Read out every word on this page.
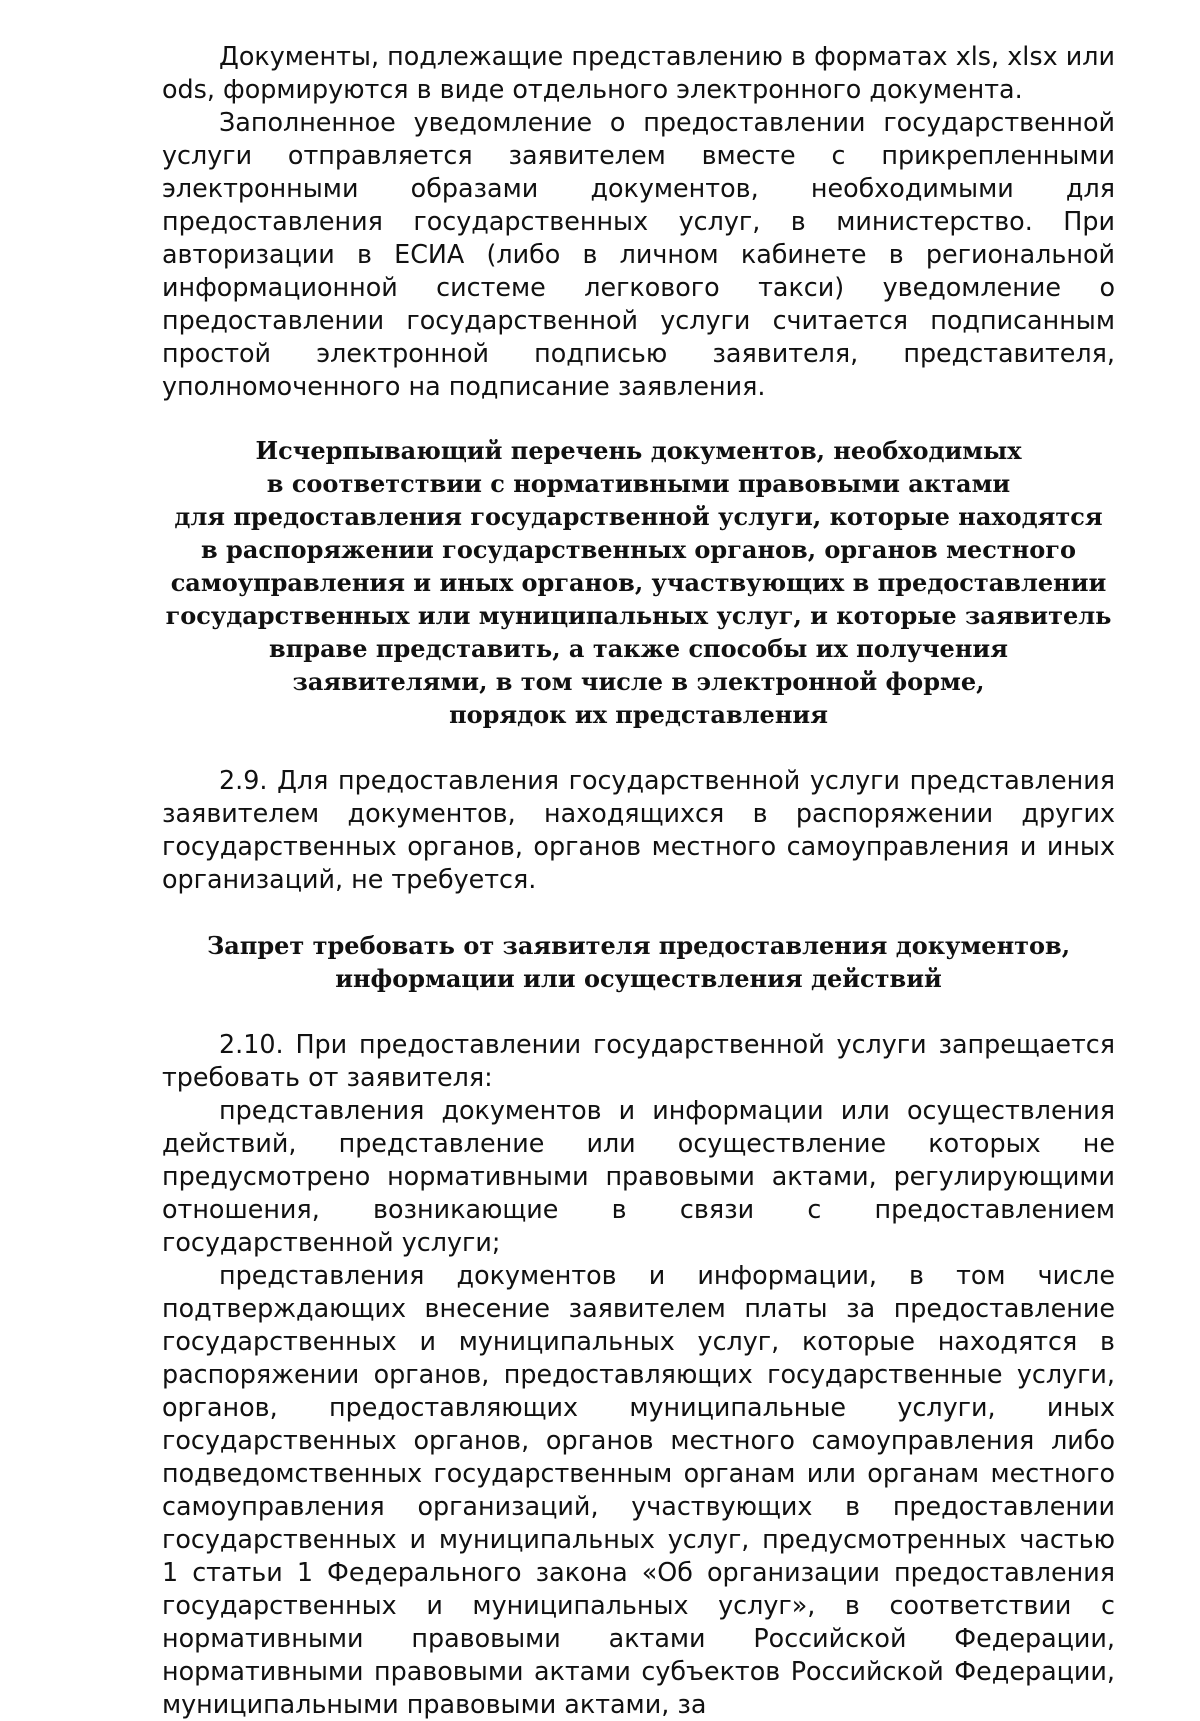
Документы, подлежащие представлению в форматах xls, xlsx или ods, формируются в виде отдельного электронного документа.

Заполненное уведомление о предоставлении государственной услуги отправляется заявителем вместе с прикрепленными электронными образами документов, необходимыми для предоставления государственных услуг, в министерство. При авторизации в ЕСИА (либо в личном кабинете в региональной информационной системе легкового такси) уведомление о предоставлении государственной услуги считается подписанным простой электронной подписью заявителя, представителя, уполномоченного на подписание заявления.

Исчерпывающий перечень документов, необходимых
в соответствии с нормативными правовыми актами
для предоставления государственной услуги, которые находятся
в распоряжении государственных органов, органов местного
самоуправления и иных органов, участвующих в предоставлении
государственных или муниципальных услуг, и которые заявитель
вправе представить, а также способы их получения
заявителями, в том числе в электронной форме,
порядок их представления

2.9. Для предоставления государственной услуги представления заявителем документов, находящихся в распоряжении других государственных органов, органов местного самоуправления и иных организаций, не требуется.

Запрет требовать от заявителя предоставления документов,
информации или осуществления действий

2.10. При предоставлении государственной услуги запрещается требовать от заявителя:

представления документов и информации или осуществления действий, представление или осуществление которых не предусмотрено нормативными правовыми актами, регулирующими отношения, возникающие в связи с предоставлением государственной услуги;

представления документов и информации, в том числе подтверждающих внесение заявителем платы за предоставление государственных и муниципальных услуг, которые находятся в распоряжении органов, предоставляющих государственные услуги, органов, предоставляющих муниципальные услуги, иных государственных органов, органов местного самоуправления либо подведомственных государственным органам или органам местного самоуправления организаций, участвующих в предоставлении государственных и муниципальных услуг, предусмотренных частью 1 статьи 1 Федерального закона «Об организации предоставления государственных и муниципальных услуг», в соответствии с нормативными правовыми актами Российской Федерации, нормативными правовыми актами субъектов Российской Федерации, муниципальными правовыми актами, за
